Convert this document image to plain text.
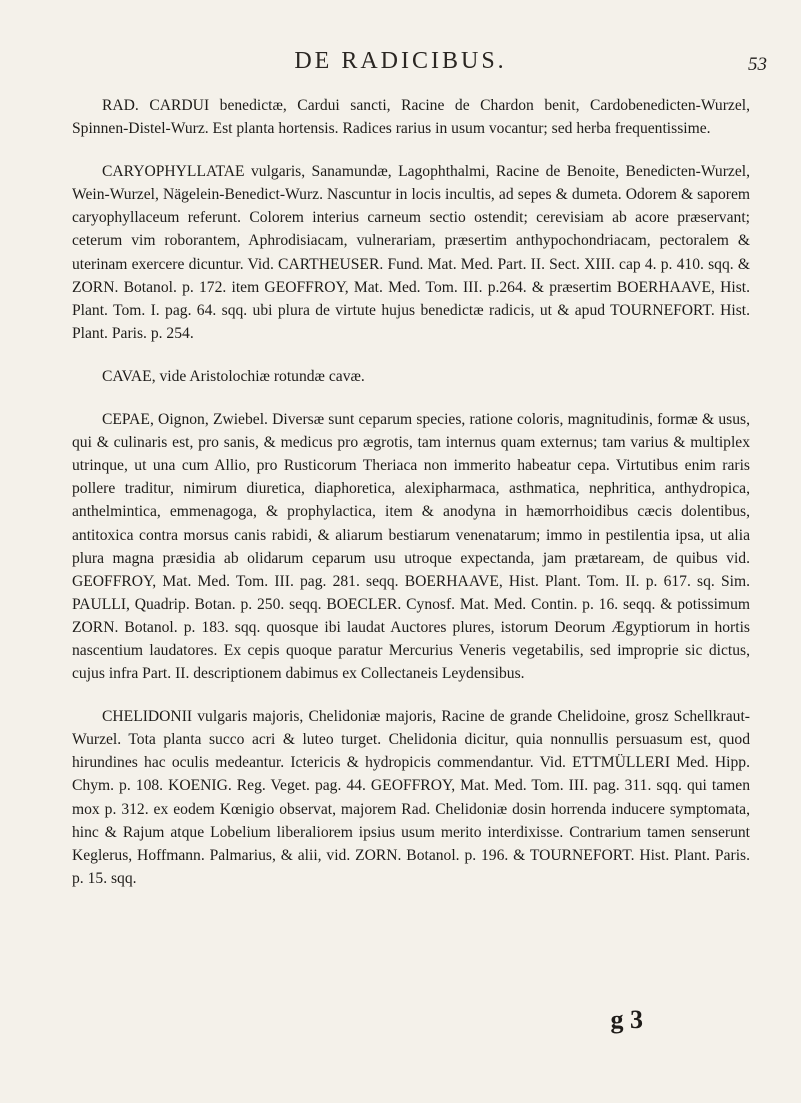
DE RADICIBUS.	53

RAD. CARDUI benedictæ, Cardui sancti, Racine de Chardon benit, Cardobenedicten-Wurzel, Spinnen-Distel-Wurz. Est planta hortensis. Radices rarius in usum vocantur; sed herba frequentissime.

CARYOPHYLLATAE vulgaris, Sanamundæ, Lagophthalmi, Racine de Benoite, Benedicten-Wurzel, Wein-Wurzel, Nägelein-Benedict-Wurz. Nascuntur in locis incultis, ad sepes & dumeta. Odorem & saporem caryophyllaceum referunt. Colorem interius carneum sectio ostendit; cerevisiam ab acore præservant; ceterum vim roborantem, Aphrodisiacam, vulnerariam, præsertim anthypochondriacam, pectoralem & uterinam exercere dicuntur. Vid. CARTHEUSER. Fund. Mat. Med. Part. II. Sect. XIII. cap 4. p. 410. sqq. & ZORN. Botanol. p. 172. item GEOFFROY, Mat. Med. Tom. III. p.264. & præsertim BOERHAAVE, Hist. Plant. Tom. I. pag. 64. sqq. ubi plura de virtute hujus benedictæ radicis, ut & apud TOURNEFORT. Hist. Plant. Paris. p. 254.

CAVAE, vide Aristolochiæ rotundæ cavæ.

CEPAE, Oignon, Zwiebel. Diversæ sunt ceparum species, ratione coloris, magnitudinis, formæ & usus, qui & culinaris est, pro sanis, & medicus pro ægrotis, tam internus quam externus; tam varius & multiplex utrinque, ut una cum Allio, pro Rusticorum Theriaca non immerito habeatur cepa. Virtutibus enim raris pollere traditur, nimirum diuretica, diaphoretica, alexipharmaca, asthmatica, nephritica, anthydropica, anthelmintica, emmenagoga, & prophylactica, item & anodyna in hæmorrhoidibus cæcis dolentibus, antitoxica contra morsus canis rabidi, & aliarum bestiarum venenatarum; immo in pestilentia ipsa, ut alia plura magna præsidia ab olidarum ceparum usu utroque expectanda, jam prætaream, de quibus vid. GEOFFROY, Mat. Med. Tom. III. pag. 281. seqq. BOERHAAVE, Hist. Plant. Tom. II. p. 617. sq. Sim. PAULLI, Quadrip. Botan. p. 250. seqq. BOECLER. Cynosf. Mat. Med. Contin. p. 16. seqq. & potissimum ZORN. Botanol. p. 183. sqq. quosque ibi laudat Auctores plures, istorum Deorum Ægyptiorum in hortis nascentium laudatores. Ex cepis quoque paratur Mercurius Veneris vegetabilis, sed improprie sic dictus, cujus infra Part. II. descriptionem dabimus ex Collectaneis Leydensibus.

CHELIDONII vulgaris majoris, Chelidoniæ majoris, Racine de grande Chelidoine, grosz Schellkraut-Wurzel. Tota planta succo acri & luteo turget. Chelidonia dicitur, quia nonnullis persuasum est, quod hirundines hac oculis medeantur. Ictericis & hydropicis commendantur. Vid. ETTMÜLLERI Med. Hipp. Chym. p. 108. KOENIG. Reg. Veget. pag. 44. GEOFFROY, Mat. Med. Tom. III. pag. 311. sqq. qui tamen mox p. 312. ex eodem Kœnigio observat, majorem Rad. Chelidoniæ dosin horrenda inducere symptomata, hinc & Rajum atque Lobelium liberaliorem ipsius usum merito interdixisse. Contrarium tamen senserunt Keglerus, Hoffmann. Palmarius, & alii, vid. ZORN. Botanol. p. 196. & TOURNEFORT. Hist. Plant. Paris. p. 15. sqq.

g 3
